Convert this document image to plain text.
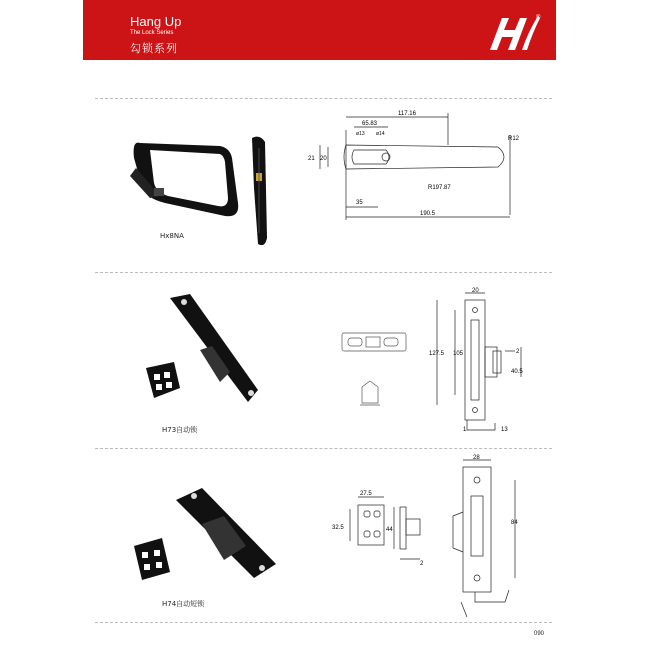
Hang Up
The Lock Series
勾锁系列
®
Hx8NA
117.16
65.83
ø13 ø14
R12
21 20
R197.87
35
190.5
H73自动锁
20
127.5 105	2
40.5
1	13
H74自动短锁
27.5
32.5	44
2
28
84
090
